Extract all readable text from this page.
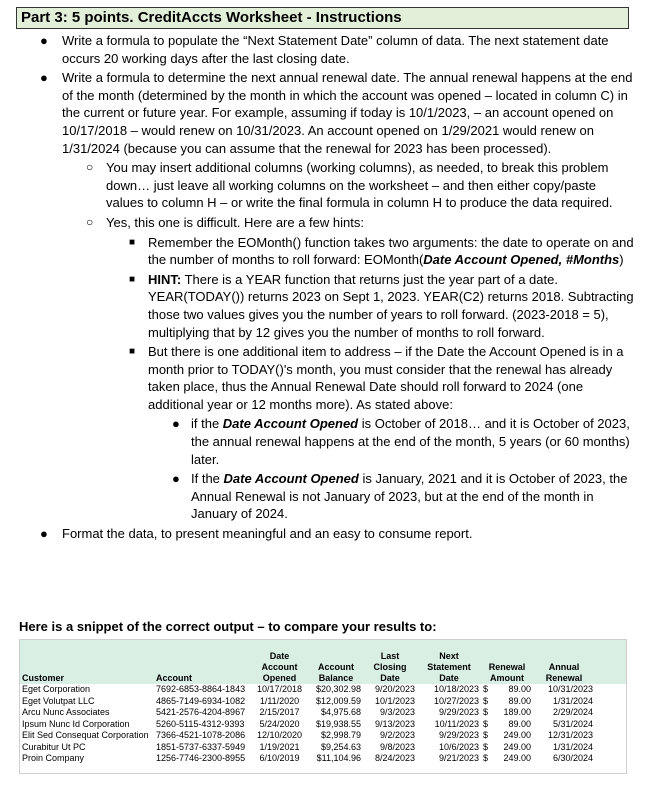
Part 3: 5 points. CreditAccts Worksheet - Instructions
● Write a formula to populate the “Next Statement Date” column of data. The next statement date occurs 20 working days after the last closing date.
● Write a formula to determine the next annual renewal date. The annual renewal happens at the end of the month (determined by the month in which the account was opened – located in column C) in the current or future year. For example, assuming if today is 10/1/2023, – an account opened on 10/17/2018 – would renew on 10/31/2023. An account opened on 1/29/2021 would renew on 1/31/2024 (because you can assume that the renewal for 2023 has been processed).
○ You may insert additional columns (working columns), as needed, to break this problem down… just leave all working columns on the worksheet – and then either copy/paste values to column H – or write the final formula in column H to produce the data required.
○ Yes, this one is difficult. Here are a few hints:
■ Remember the EOMonth() function takes two arguments: the date to operate on and the number of months to roll forward: EOMonth(Date Account Opened, #Months)
■ HINT: There is a YEAR function that returns just the year part of a date. YEAR(TODAY()) returns 2023 on Sept 1, 2023. YEAR(C2) returns 2018. Subtracting those two values gives you the number of years to roll forward. (2023-2018 = 5), multiplying that by 12 gives you the number of months to roll forward.
■ But there is one additional item to address – if the Date the Account Opened is in a month prior to TODAY()'s month, you must consider that the renewal has already taken place, thus the Annual Renewal Date should roll forward to 2024 (one additional year or 12 months more). As stated above:
● if the Date Account Opened is October of 2018… and it is October of 2023, the annual renewal happens at the end of the month, 5 years (or 60 months) later.
● If the Date Account Opened is January, 2021 and it is October of 2023, the Annual Renewal is not January of 2023, but at the end of the month in January of 2024.
● Format the data, to present meaningful and an easy to consume report.
Here is a snippet of the correct output – to compare your results to:
Customer	Account	Date Account Opened	Account Balance	Last Closing Date	Next Statement Date	Renewal Amount	Annual Renewal
Eget Corporation	7692-6853-8864-1843	10/17/2018	$20,302.98	9/20/2023	10/18/2023	$ 89.00	10/31/2023
Eget Volutpat LLC	4865-7149-6934-1082	1/11/2020	$12,009.59	10/1/2023	10/27/2023	$ 89.00	1/31/2024
Arcu Nunc Associates	5421-2576-4204-8967	2/15/2017	$4,975.68	9/3/2023	9/29/2023	$ 189.00	2/29/2024
Ipsum Nunc Id Corporation	5260-5115-4312-9393	5/24/2020	$19,938.55	9/13/2023	10/11/2023	$ 89.00	5/31/2024
Elit Sed Consequat Corporation	7366-4521-1078-2086	12/10/2020	$2,998.79	9/2/2023	9/29/2023	$ 249.00	12/31/2023
Curabitur Ut PC	1851-5737-6337-5949	1/19/2021	$9,254.63	9/8/2023	10/6/2023	$ 249.00	1/31/2024
Proin Company	1256-7746-2300-8955	6/10/2019	$11,104.96	8/24/2023	9/21/2023	$ 249.00	6/30/2024
